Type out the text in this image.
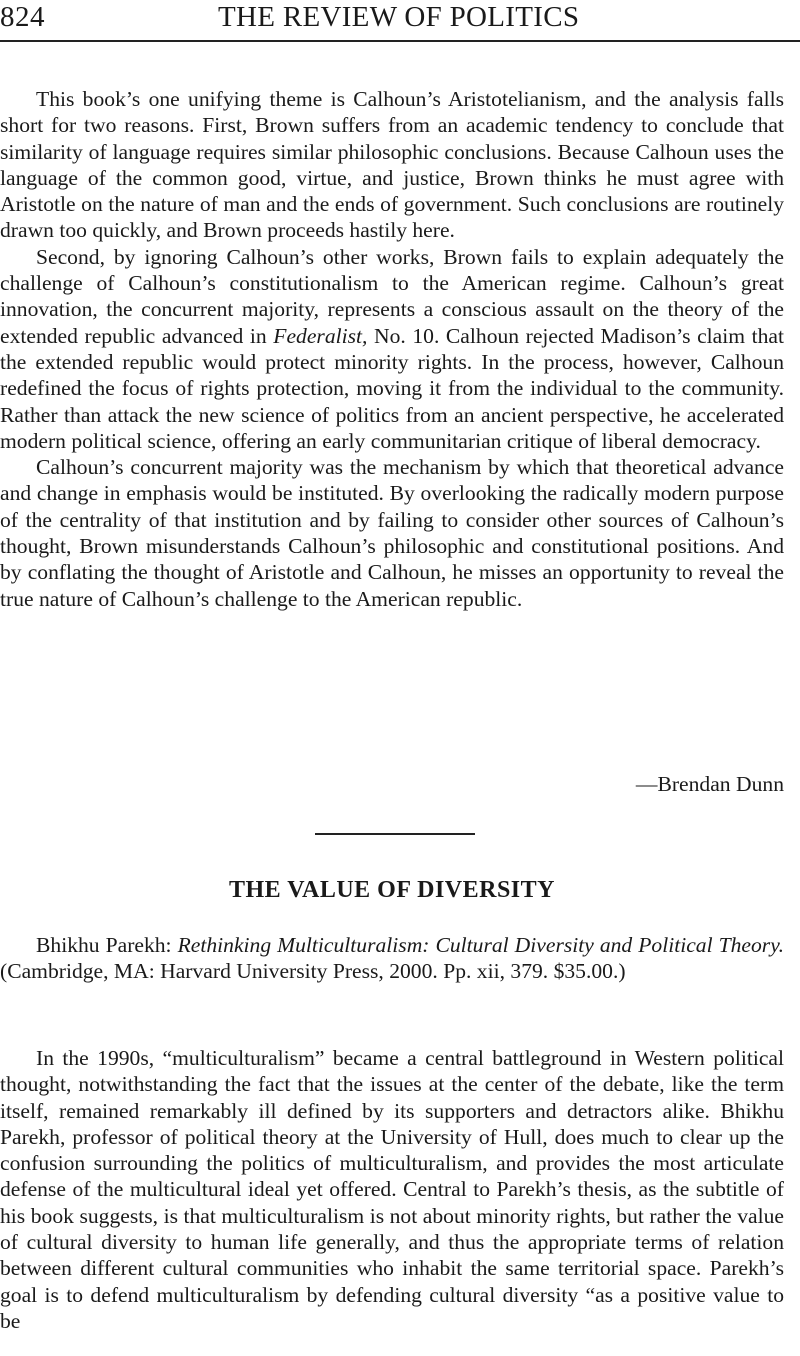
824	THE REVIEW OF POLITICS

This book’s one unifying theme is Calhoun’s Aristotelianism, and the analysis falls short for two reasons. First, Brown suffers from an academic tendency to conclude that similarity of language requires similar philosophic conclusions. Because Calhoun uses the language of the common good, virtue, and justice, Brown thinks he must agree with Aristotle on the nature of man and the ends of government. Such conclusions are routinely drawn too quickly, and Brown proceeds hastily here.

Second, by ignoring Calhoun’s other works, Brown fails to explain adequately the challenge of Calhoun’s constitutionalism to the American regime. Calhoun’s great innovation, the concurrent majority, represents a conscious assault on the theory of the extended republic advanced in Federalist, No. 10. Calhoun rejected Madison’s claim that the extended republic would protect minority rights. In the process, however, Calhoun redefined the focus of rights protection, moving it from the individual to the community. Rather than attack the new science of politics from an ancient perspective, he accelerated modern political science, offering an early communitarian critique of liberal democracy.

Calhoun’s concurrent majority was the mechanism by which that theoretical advance and change in emphasis would be instituted. By overlooking the radically modern purpose of the centrality of that institution and by failing to consider other sources of Calhoun’s thought, Brown misunderstands Calhoun’s philosophic and constitutional positions. And by conflating the thought of Aristotle and Calhoun, he misses an opportunity to reveal the true nature of Calhoun’s challenge to the American republic.

—Brendan Dunn
THE VALUE OF DIVERSITY
Bhikhu Parekh: Rethinking Multiculturalism: Cultural Diversity and Political Theory. (Cambridge, MA: Harvard University Press, 2000. Pp. xii, 379. $35.00.)

In the 1990s, “multiculturalism” became a central battleground in Western political thought, notwithstanding the fact that the issues at the center of the debate, like the term itself, remained remarkably ill defined by its supporters and detractors alike. Bhikhu Parekh, professor of political theory at the University of Hull, does much to clear up the confusion surrounding the politics of multiculturalism, and provides the most articulate defense of the multicultural ideal yet offered. Central to Parekh’s thesis, as the subtitle of his book suggests, is that multiculturalism is not about minority rights, but rather the value of cultural diversity to human life generally, and thus the appropriate terms of relation between different cultural communities who inhabit the same territorial space. Parekh’s goal is to defend multiculturalism by defending cultural diversity “as a positive value to be
